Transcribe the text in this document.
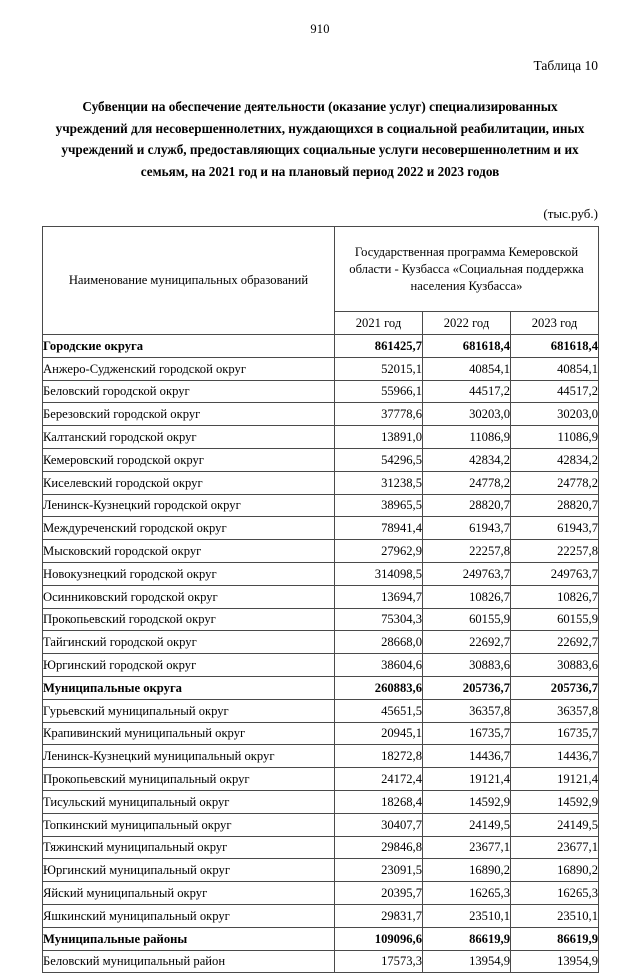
910
Таблица 10
Субвенции на обеспечение деятельности (оказание услуг) специализированных учреждений для несовершеннолетних, нуждающихся в социальной реабилитации, иных учреждений и служб, предоставляющих социальные услуги несовершеннолетним и их семьям, на 2021 год и на плановый период 2022 и 2023 годов
(тыс.руб.)
Наименование муниципальных образований	Государственная программа Кемеровской области - Кузбасса «Социальная поддержка населения Кузбасса»		
	2021 год	2022 год	2023 год
Городские округа	861425,7	681618,4	681618,4
Анжеро-Судженский городской округ	52015,1	40854,1	40854,1
Беловский городской округ	55966,1	44517,2	44517,2
Березовский городской округ	37778,6	30203,0	30203,0
Калтанский городской округ	13891,0	11086,9	11086,9
Кемеровский городской округ	54296,5	42834,2	42834,2
Киселевский городской округ	31238,5	24778,2	24778,2
Ленинск-Кузнецкий городской округ	38965,5	28820,7	28820,7
Междуреченский городской округ	78941,4	61943,7	61943,7
Мысковский городской округ	27962,9	22257,8	22257,8
Новокузнецкий городской округ	314098,5	249763,7	249763,7
Осинниковский городской округ	13694,7	10826,7	10826,7
Прокопьевский городской округ	75304,3	60155,9	60155,9
Тайгинский городской округ	28668,0	22692,7	22692,7
Юргинский городской округ	38604,6	30883,6	30883,6
Муниципальные округа	260883,6	205736,7	205736,7
Гурьевский муниципальный округ	45651,5	36357,8	36357,8
Крапивинский муниципальный округ	20945,1	16735,7	16735,7
Ленинск-Кузнецкий муниципальный округ	18272,8	14436,7	14436,7
Прокопьевский муниципальный округ	24172,4	19121,4	19121,4
Тисульский муниципальный округ	18268,4	14592,9	14592,9
Топкинский муниципальный округ	30407,7	24149,5	24149,5
Тяжинский муниципальный округ	29846,8	23677,1	23677,1
Юргинский муниципальный округ	23091,5	16890,2	16890,2
Яйский муниципальный округ	20395,7	16265,3	16265,3
Яшкинский муниципальный округ	29831,7	23510,1	23510,1
Муниципальные районы	109096,6	86619,9	86619,9
Беловский муниципальный район	17573,3	13954,9	13954,9
